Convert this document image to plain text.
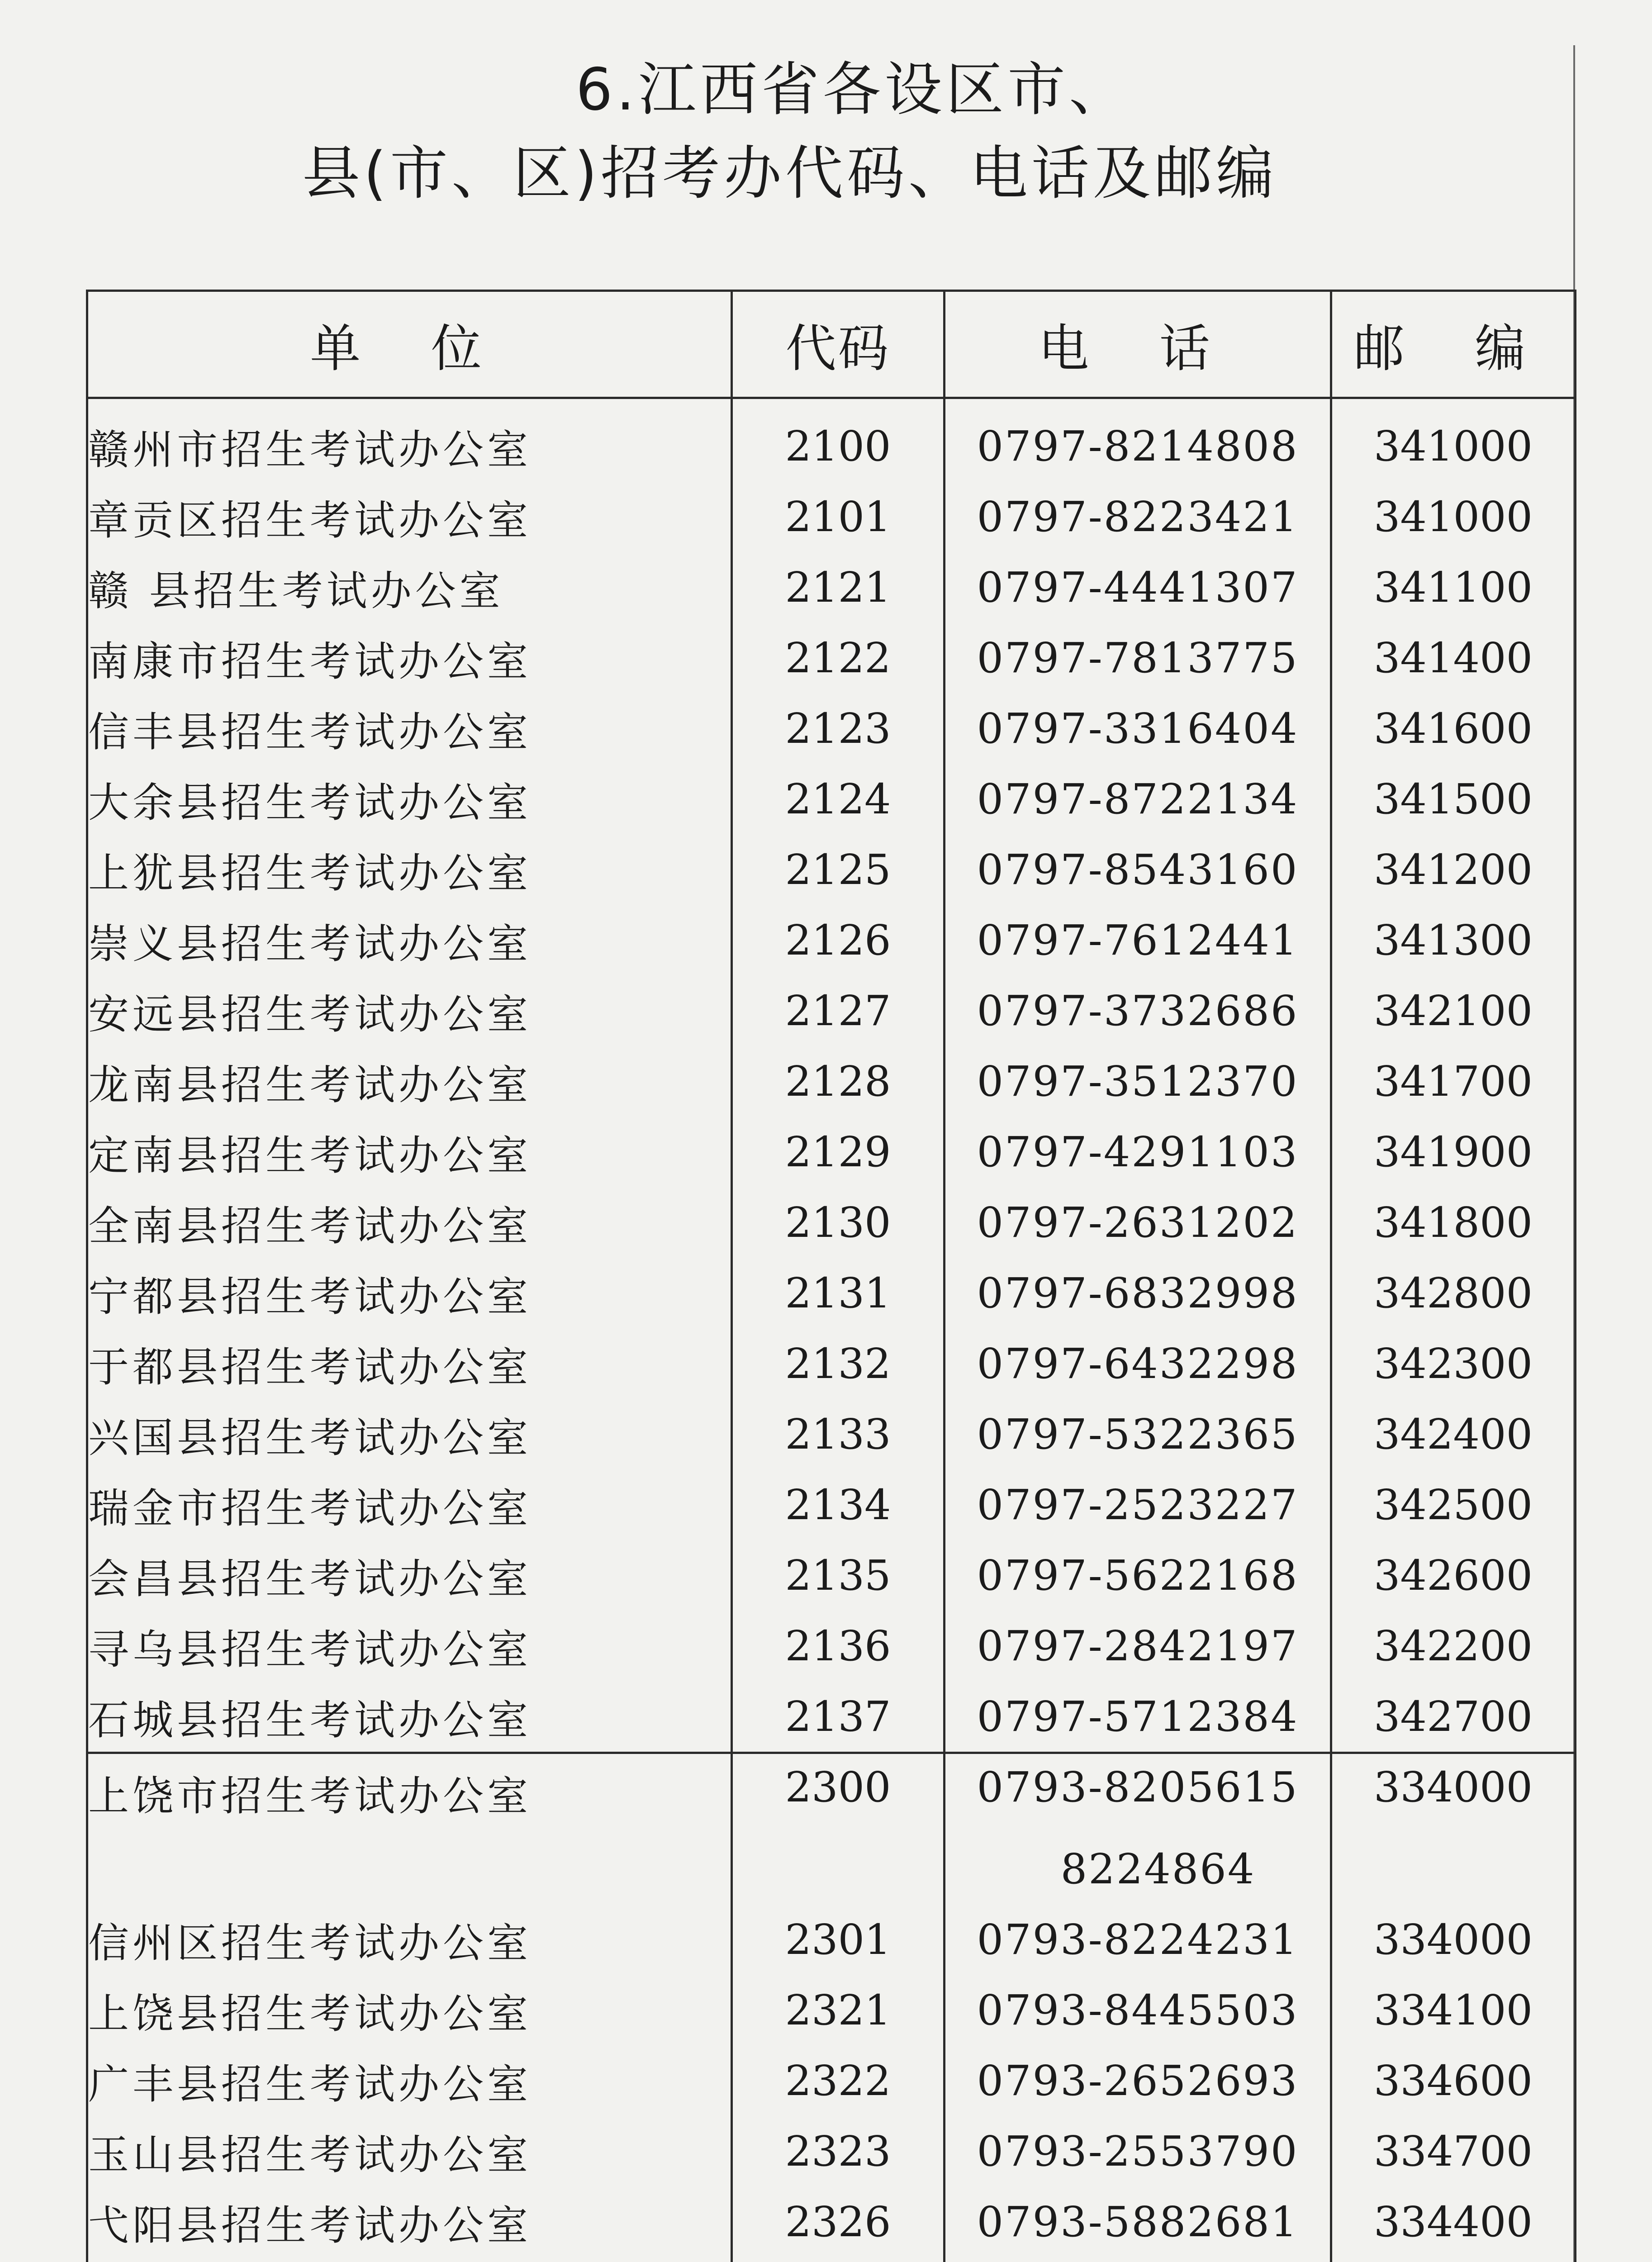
6.江西省各设区市、
县(市、区)招考办代码、电话及邮编
单 位	代码	电 话	邮 编
赣州市招生考试办公室	2100	0797-8214808	341000
章贡区招生考试办公室	2101	0797-8223421	341000
赣 县招生考试办公室	2121	0797-4441307	341100
南康市招生考试办公室	2122	0797-7813775	341400
信丰县招生考试办公室	2123	0797-3316404	341600
大余县招生考试办公室	2124	0797-8722134	341500
上犹县招生考试办公室	2125	0797-8543160	341200
崇义县招生考试办公室	2126	0797-7612441	341300
安远县招生考试办公室	2127	0797-3732686	342100
龙南县招生考试办公室	2128	0797-3512370	341700
定南县招生考试办公室	2129	0797-4291103	341900
全南县招生考试办公室	2130	0797-2631202	341800
宁都县招生考试办公室	2131	0797-6832998	342800
于都县招生考试办公室	2132	0797-6432298	342300
兴国县招生考试办公室	2133	0797-5322365	342400
瑞金市招生考试办公室	2134	0797-2523227	342500
会昌县招生考试办公室	2135	0797-5622168	342600
寻乌县招生考试办公室	2136	0797-2842197	342200
石城县招生考试办公室	2137	0797-5712384	342700
上饶市招生考试办公室	2300	0793-8205615	334000
		8224864	
信州区招生考试办公室	2301	0793-8224231	334000
上饶县招生考试办公室	2321	0793-8445503	334100
广丰县招生考试办公室	2322	0793-2652693	334600
玉山县招生考试办公室	2323	0793-2553790	334700
弋阳县招生考试办公室	2326	0793-5882681	334400
